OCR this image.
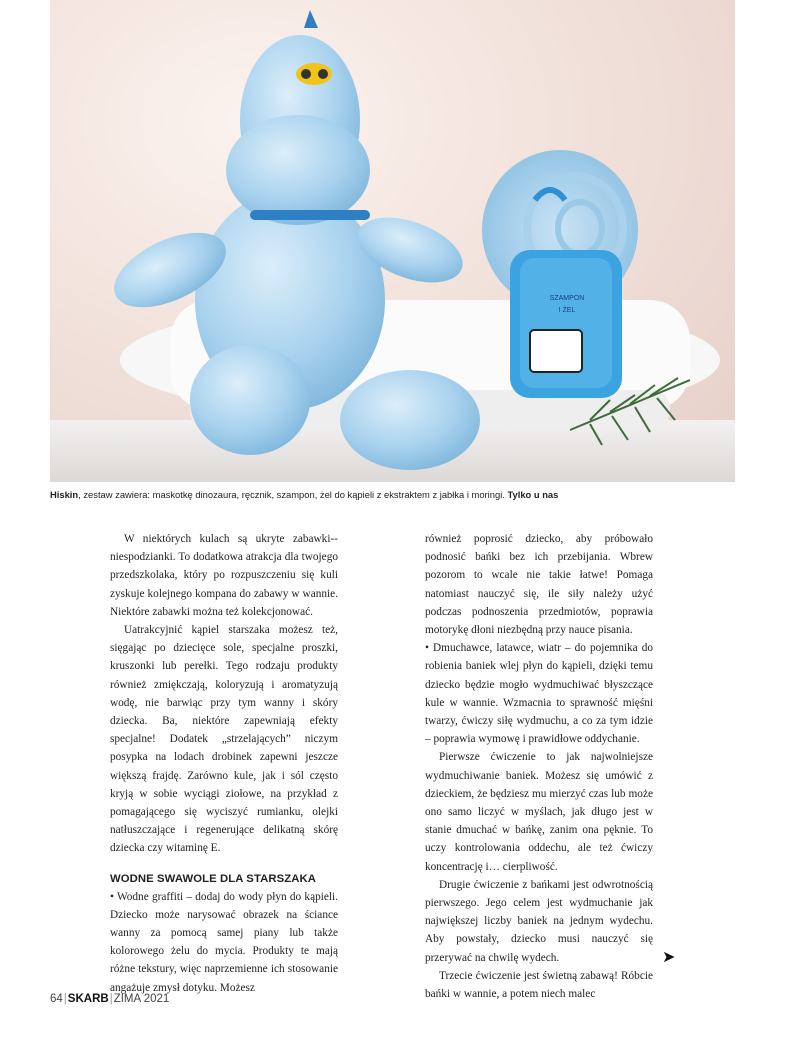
SZAMPON
I ŻEL
Hiskin, zestaw zawiera: maskotkę dinozaura, ręcznik, szampon, żel do kąpieli z ekstraktem z jabłka i moringi. Tylko u nas

W niektórych kulach są ukryte zabawki--niespodzianki. To dodatkowa atrakcja dla twojego przedszkolaka, który po rozpuszczeniu się kuli zyskuje kolejnego kompana do zabawy w wannie. Niektóre zabawki można też kolekcjonować.

Uatrakcyjnić kąpiel starszaka możesz też, sięgając po dziecięce sole, specjalne proszki, kruszonki lub perełki. Tego rodzaju produkty również zmiękczają, koloryzują i aromatyzują wodę, nie barwiąc przy tym wanny i skóry dziecka. Ba, niektóre zapewniają efekty specjalne! Dodatek „strzelających” niczym posypka na lodach drobinek zapewni jeszcze większą frajdę. Zarówno kule, jak i sól często kryją w sobie wyciągi ziołowe, na przykład z pomagającego się wyciszyć rumianku, olejki natłuszczające i regenerujące delikatną skórę dziecka czy witaminę E.

WODNE SWAWOLE DLA STARSZAKA

• Wodne graffiti – dodaj do wody płyn do kąpieli. Dziecko może narysować obrazek na ściance wanny za pomocą samej piany lub także kolorowego żelu do mycia. Produkty te mają różne tekstury, więc naprzemienne ich stosowanie angażuje zmysł dotyku. Możesz

również poprosić dziecko, aby próbowało podnosić bańki bez ich przebijania. Wbrew pozorom to wcale nie takie łatwe! Pomaga natomiast nauczyć się, ile siły należy użyć podczas podnoszenia przedmiotów, poprawia motorykę dłoni niezbędną przy nauce pisania.

• Dmuchawce, latawce, wiatr – do pojemnika do robienia baniek wlej płyn do kąpieli, dzięki temu dziecko będzie mogło wydmuchiwać błyszczące kule w wannie. Wzmacnia to sprawność mięśni twarzy, ćwiczy siłę wydmuchu, a co za tym idzie – poprawia wymowę i prawidłowe oddychanie.

Pierwsze ćwiczenie to jak najwolniejsze wydmuchiwanie baniek. Możesz się umówić z dzieckiem, że będziesz mu mierzyć czas lub może ono samo liczyć w myślach, jak długo jest w stanie dmuchać w bańkę, zanim ona pęknie. To uczy kontrolowania oddechu, ale też ćwiczy koncentrację i… cierpliwość.

Drugie ćwiczenie z bańkami jest odwrotnością pierwszego. Jego celem jest wydmuchanie jak największej liczby baniek na jednym wydechu. Aby powstały, dziecko musi nauczyć się przerywać na chwilę wydech.

Trzecie ćwiczenie jest świetną zabawą! Róbcie bańki w wannie, a potem niech malec

➤
64|SKARB|ZIMA 2021
